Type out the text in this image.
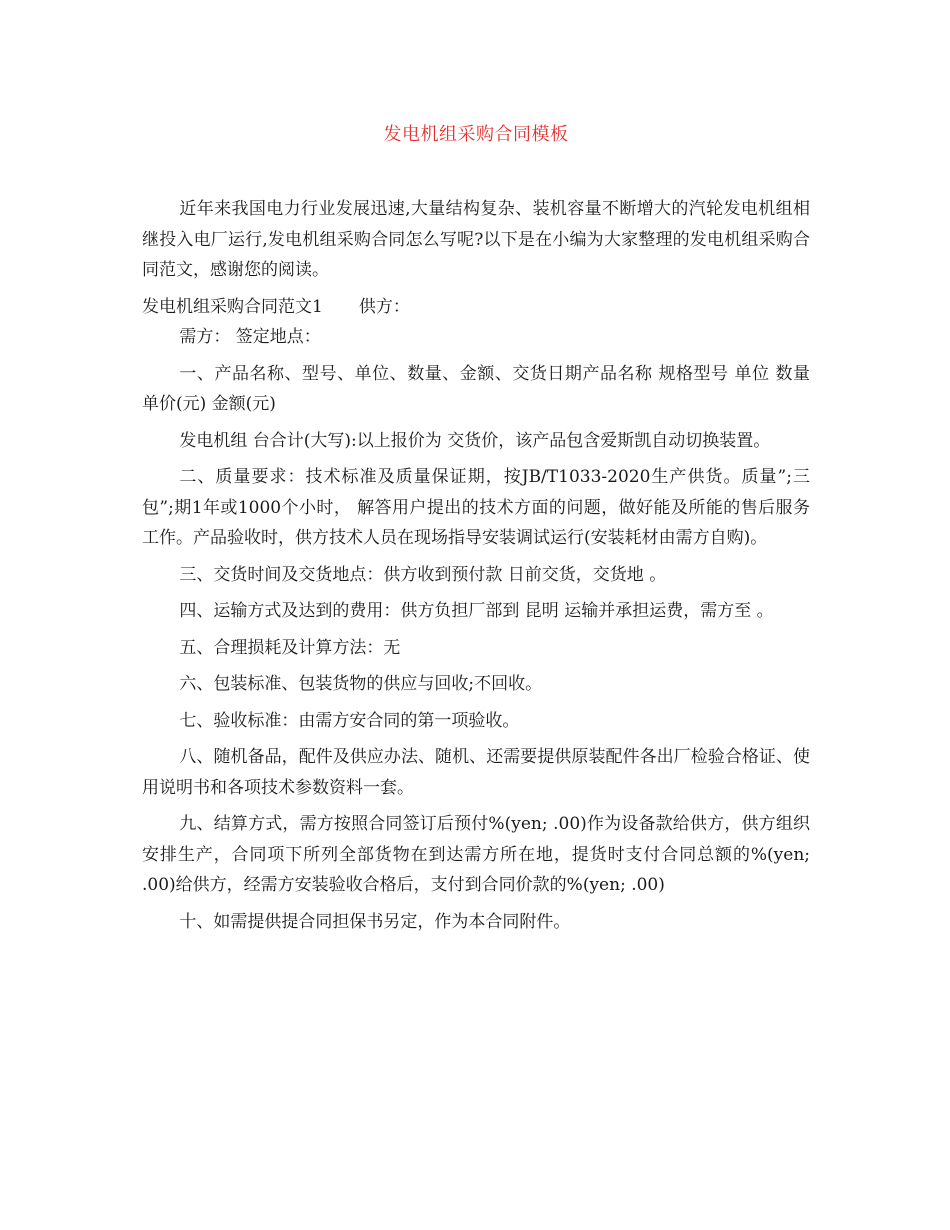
发电机组采购合同模板

近年来我国电力行业发展迅速,大量结构复杂、装机容量不断增大的汽轮发电机组相继投入电厂运行,发电机组采购合同怎么写呢?以下是在小编为大家整理的发电机组采购合同范文，感谢您的阅读。

发电机组采购合同范文1 供方：

需方： 签定地点：

一、产品名称、型号、单位、数量、金额、交货日期产品名称 规格型号 单位 数量 单价(元) 金额(元)

发电机组 台合计(大写):以上报价为 交货价，该产品包含爱斯凯自动切换装置。

二、质量要求：技术标准及质量保证期，按JB/T1033-2020生产供货。质量”;三包”;期1年或1000个小时， 解答用户提出的技术方面的问题，做好能及所能的售后服务工作。产品验收时，供方技术人员在现场指导安装调试运行(安装耗材由需方自购)。

三、交货时间及交货地点：供方收到预付款 日前交货，交货地 。

四、运输方式及达到的费用：供方负担厂部到 昆明 运输并承担运费，需方至 。

五、合理损耗及计算方法：无

六、包装标准、包装货物的供应与回收;不回收。

七、验收标准：由需方安合同的第一项验收。

八、随机备品，配件及供应办法、随机、还需要提供原装配件各出厂检验合格证、使用说明书和各项技术参数资料一套。

九、结算方式，需方按照合同签订后预付%(yen; .00)作为设备款给供方，供方组织安排生产，合同项下所列全部货物在到达需方所在地，提货时支付合同总额的%(yen; .00)给供方，经需方安装验收合格后，支付到合同价款的%(yen; .00)

十、如需提供提合同担保书另定，作为本合同附件。
